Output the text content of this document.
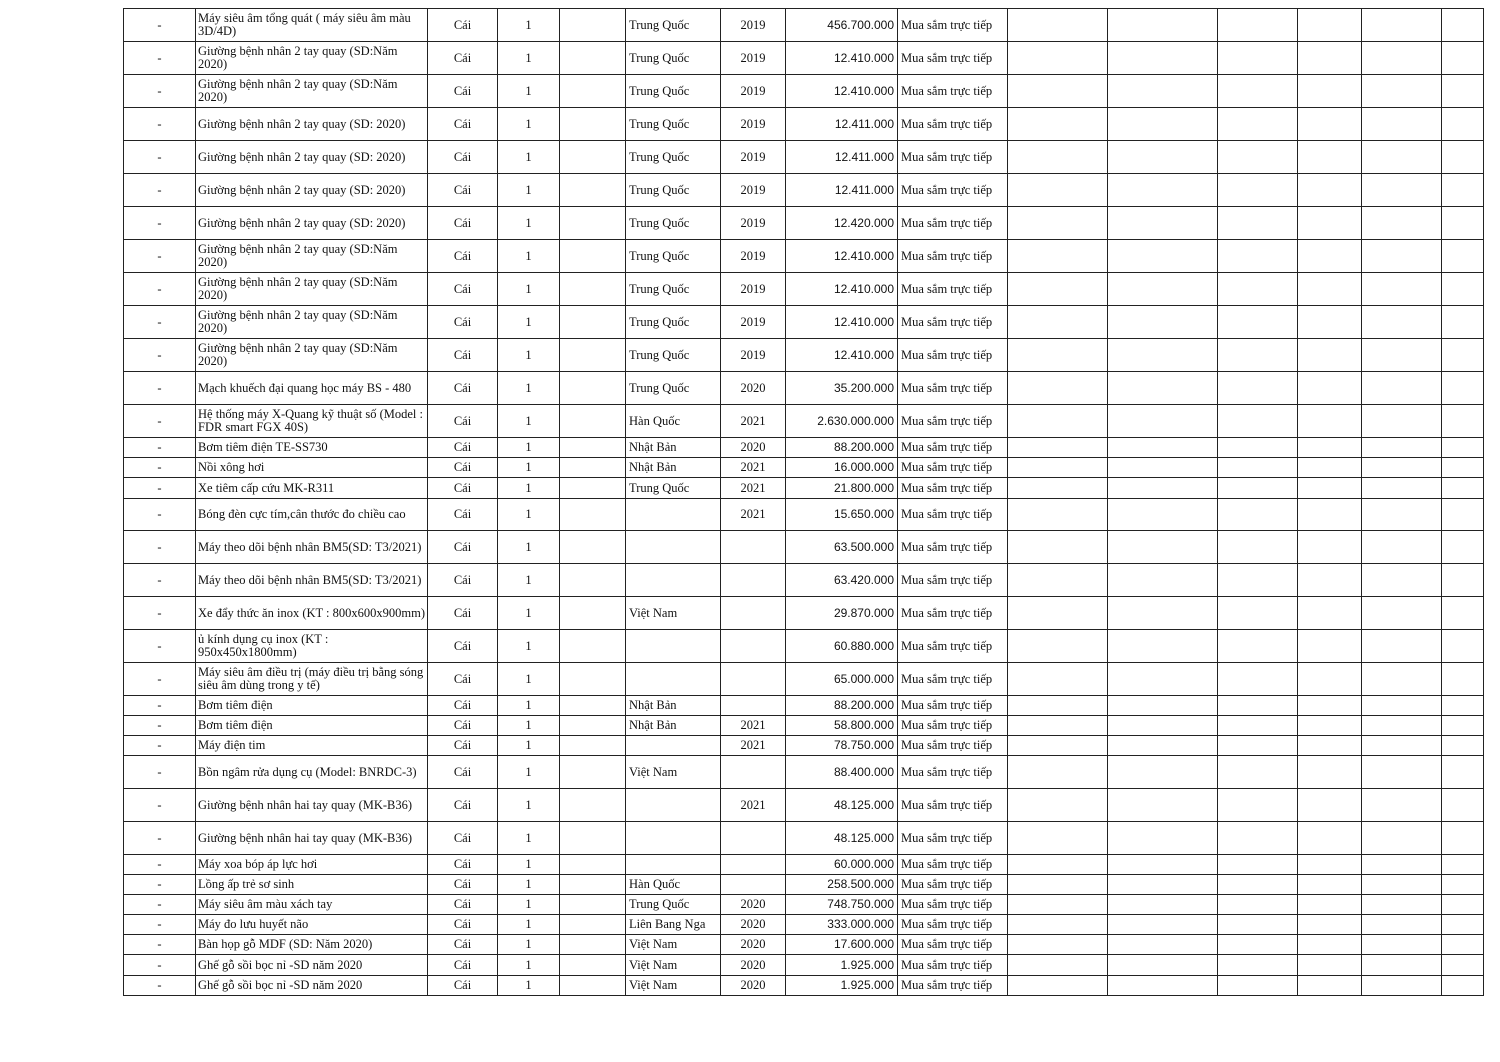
-	Máy siêu âm tổng quát ( máy siêu âm màu 3D/4D)	Cái	1		Trung Quốc	2019	456.700.000	Mua sắm trực tiếp						
-	Giường bệnh nhân 2 tay quay (SD:Năm 2020)	Cái	1		Trung Quốc	2019	12.410.000	Mua sắm trực tiếp						
-	Giường bệnh nhân 2 tay quay (SD:Năm 2020)	Cái	1		Trung Quốc	2019	12.410.000	Mua sắm trực tiếp						
-	Giường bệnh nhân 2 tay quay (SD: 2020)	Cái	1		Trung Quốc	2019	12.411.000	Mua sắm trực tiếp						
-	Giường bệnh nhân 2 tay quay (SD: 2020)	Cái	1		Trung Quốc	2019	12.411.000	Mua sắm trực tiếp						
-	Giường bệnh nhân 2 tay quay (SD: 2020)	Cái	1		Trung Quốc	2019	12.411.000	Mua sắm trực tiếp						
-	Giường bệnh nhân 2 tay quay (SD: 2020)	Cái	1		Trung Quốc	2019	12.420.000	Mua sắm trực tiếp						
-	Giường bệnh nhân 2 tay quay (SD:Năm 2020)	Cái	1		Trung Quốc	2019	12.410.000	Mua sắm trực tiếp						
-	Giường bệnh nhân 2 tay quay (SD:Năm 2020)	Cái	1		Trung Quốc	2019	12.410.000	Mua sắm trực tiếp						
-	Giường bệnh nhân 2 tay quay (SD:Năm 2020)	Cái	1		Trung Quốc	2019	12.410.000	Mua sắm trực tiếp						
-	Giường bệnh nhân 2 tay quay (SD:Năm 2020)	Cái	1		Trung Quốc	2019	12.410.000	Mua sắm trực tiếp						
-	Mạch khuếch đại quang học máy BS - 480	Cái	1		Trung Quốc	2020	35.200.000	Mua sắm trực tiếp						
-	Hệ thống máy X-Quang kỹ thuật số (Model : FDR smart FGX 40S)	Cái	1		Hàn Quốc	2021	2.630.000.000	Mua sắm trực tiếp						
-	Bơm tiêm điện TE-SS730	Cái	1		Nhật Bản	2020	88.200.000	Mua sắm trực tiếp						
-	Nồi xông hơi	Cái	1		Nhật Bản	2021	16.000.000	Mua sắm trực tiếp						
-	Xe tiêm cấp cứu MK-R311	Cái	1		Trung Quốc	2021	21.800.000	Mua sắm trực tiếp						
-	Bóng đèn cực tím,cân thước đo chiều cao	Cái	1			2021	15.650.000	Mua sắm trực tiếp						
-	Máy theo dõi bệnh nhân BM5(SD: T3/2021)	Cái	1				63.500.000	Mua sắm trực tiếp						
-	Máy theo dõi bệnh nhân BM5(SD: T3/2021)	Cái	1				63.420.000	Mua sắm trực tiếp						
-	Xe đẩy thức ăn inox (KT : 800x600x900mm)	Cái	1		Việt Nam		29.870.000	Mua sắm trực tiếp						
-	ủ kính dụng cụ inox (KT : 950x450x1800mm)	Cái	1				60.880.000	Mua sắm trực tiếp						
-	Máy siêu âm điều trị (máy điều trị bằng sóng siêu âm dùng trong y tế)	Cái	1				65.000.000	Mua sắm trực tiếp						
-	Bơm tiêm điện	Cái	1		Nhật Bản		88.200.000	Mua sắm trực tiếp						
-	Bơm tiêm điện	Cái	1		Nhật Bản	2021	58.800.000	Mua sắm trực tiếp						
-	Máy điện tim	Cái	1			2021	78.750.000	Mua sắm trực tiếp						
-	Bồn ngâm rửa dụng cụ (Model: BNRDC-3)	Cái	1		Việt Nam		88.400.000	Mua sắm trực tiếp						
-	Giường bệnh nhân hai tay quay (MK-B36)	Cái	1			2021	48.125.000	Mua sắm trực tiếp						
-	Giường bệnh nhân hai tay quay (MK-B36)	Cái	1				48.125.000	Mua sắm trực tiếp						
-	Máy xoa bóp áp lực hơi	Cái	1				60.000.000	Mua sắm trực tiếp						
-	Lồng ấp trẻ sơ sinh	Cái	1		Hàn Quốc		258.500.000	Mua sắm trực tiếp						
-	Máy siêu âm màu xách tay	Cái	1		Trung Quốc	2020	748.750.000	Mua sắm trực tiếp						
-	Máy đo lưu huyết não	Cái	1		Liên Bang Nga	2020	333.000.000	Mua sắm trực tiếp						
-	Bàn họp gỗ MDF (SD: Năm 2020)	Cái	1		Việt Nam	2020	17.600.000	Mua sắm trực tiếp						
-	Ghế gỗ sồi bọc nỉ -SD năm 2020	Cái	1		Việt Nam	2020	1.925.000	Mua sắm trực tiếp						
-	Ghế gỗ sồi bọc nỉ -SD năm 2020	Cái	1		Việt Nam	2020	1.925.000	Mua sắm trực tiếp						
